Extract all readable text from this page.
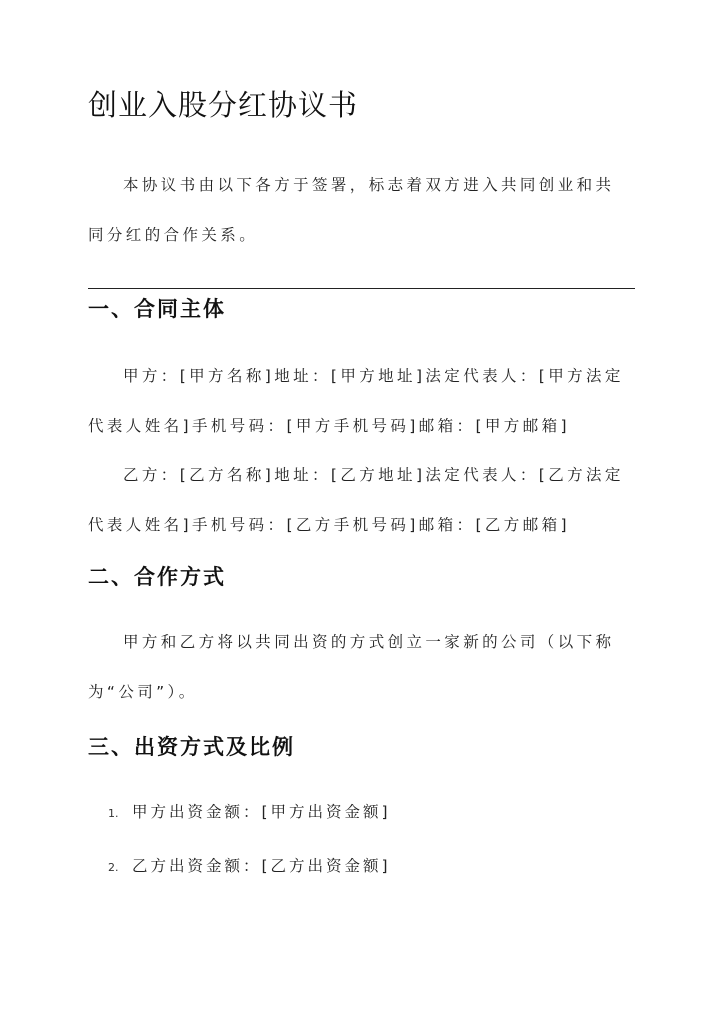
创业入股分红协议书

本协议书由以下各方于签署，标志着双方进入共同创业和共同分红的合作关系。

一、合同主体

甲方：[甲方名称]地址：[甲方地址]法定代表人：[甲方法定代表人姓名]手机号码：[甲方手机号码]邮箱：[甲方邮箱]

乙方：[乙方名称]地址：[乙方地址]法定代表人：[乙方法定代表人姓名]手机号码：[乙方手机号码]邮箱：[乙方邮箱]

二、合作方式

甲方和乙方将以共同出资的方式创立一家新的公司（以下称为“公司”）。

三、出资方式及比例
1. 甲方出资金额：[甲方出资金额]
2. 乙方出资金额：[乙方出资金额]
